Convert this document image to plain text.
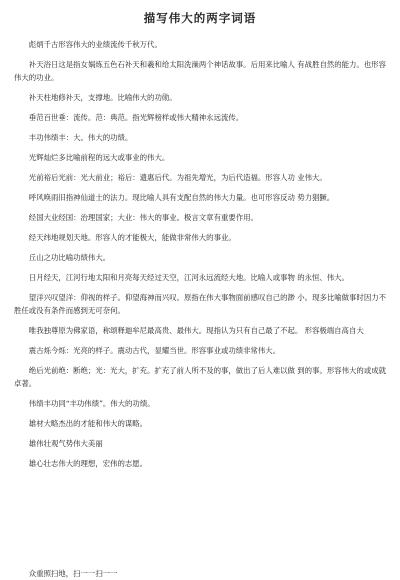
描写伟大的两字词语

彪炳千古形容伟大的业绩流传千秋万代。

补天浴日这是指女娲炼五色石补天和羲和给太阳洗澡两个神话故事。后用来比喻人 有战胜自然的能力。也形容伟大的功业。

补天柱地修补天，支撑地。比喻伟大的功勋。

垂范百世垂：流传。范：典范。指光辉榜样或伟大精神永远流传。

丰功伟绩丰：大。伟大的功绩。

光辉灿烂多比喻前程的远大或事业的伟大。

光前裕后光前：光大前业；裕后：遗惠后代。为祖先增光，为后代造福。形容人功 业伟大。

呼风唤雨旧指神仙道士的法力。现比喻人具有支配自然的伟大力量。也可形容反动 势力猖獗。

经国大业经国：治理国家；大业：伟大的事业。极言文章有重要作用。

经天纬地规划天地。形容人的才能极大，能做非常伟大的事业。

丘山之功比喻功绩伟大。

日月经天，江河行地太阳和月亮每天经过天空，江河永远流经大地。比喻人或事物 的永恒、伟大。

望洋兴叹望洋：仰视的样子。仰望海神而兴叹。原指在伟大事物面前感叹自己的渺 小。现多比喻做事时因力不胜任或没有条件而感到无可奈何。

唯我独尊原为佛家语，称颂释迦牟尼最高贵、最伟大。现指认为只有自己最了不起。 形容极端自高自大

震古烁今烁：光亮的样子。震动古代，显耀当世。形容事业或功绩非常伟大。

绝后光前绝：断绝；光：光大，扩充。扩充了前人所不及的事，做出了后人难以做 到的事。形容伟大的或成就卓著。

伟绩丰功同“丰功伟绩”。伟大的功绩。

雄材大略杰出的才能和伟大的谋略。

雄伟壮观气势伟大美丽

雄心壮志伟大的理想，宏伟的志愿。

众重照扫地，扫一一扫一一
